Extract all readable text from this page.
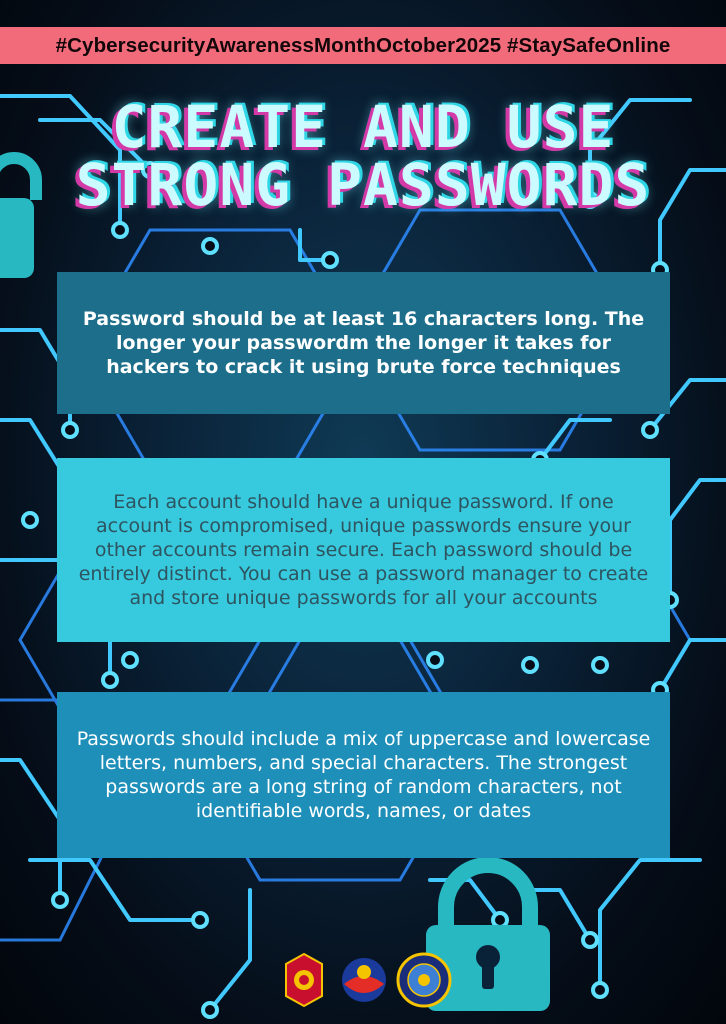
#CybersecurityAwarenessMonthOctober2025 #StaySafeOnline
CREATE AND USE
STRONG PASSWORDS
Password should be at least 16 characters long. The longer your passwordm the longer it takes for hackers to crack it using brute force techniques
Each account should have a unique password. If one account is compromised, unique passwords ensure your other accounts remain secure. Each password should be entirely distinct. You can use a password manager to create and store unique passwords for all your accounts
Passwords should include a mix of uppercase and lowercase letters, numbers, and special characters. The strongest passwords are a long string of random characters, not identifiable words, names, or dates
